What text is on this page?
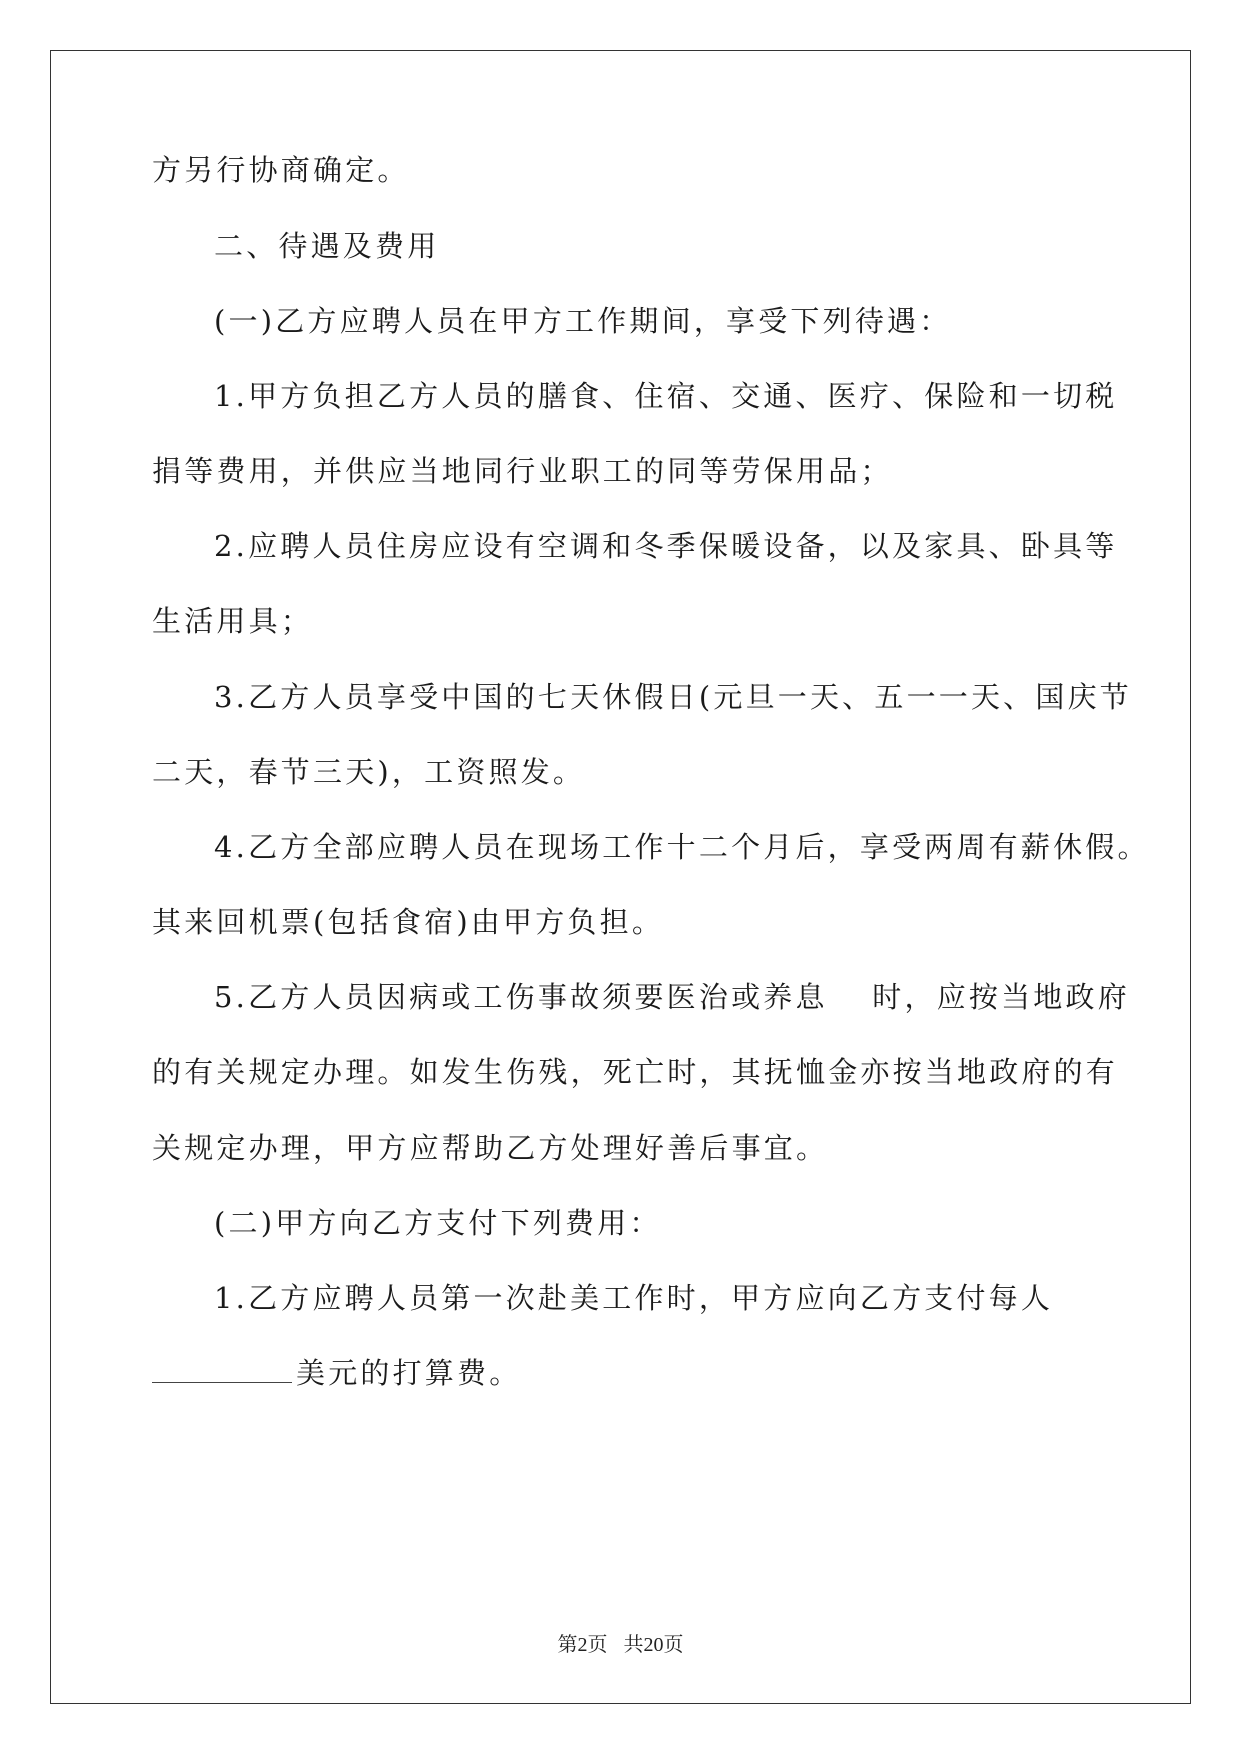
方另行协商确定。
二、待遇及费用
(一)乙方应聘人员在甲方工作期间，享受下列待遇：
1.甲方负担乙方人员的膳食、住宿、交通、医疗、保险和一切税
捐等费用，并供应当地同行业职工的同等劳保用品；
2.应聘人员住房应设有空调和冬季保暖设备，以及家具、卧具等
生活用具；
3.乙方人员享受中国的七天休假日(元旦一天、五一一天、国庆节
二天，春节三天)，工资照发。
4.乙方全部应聘人员在现场工作十二个月后，享受两周有薪休假。
其来回机票(包括食宿)由甲方负担。
5.乙方人员因病或工伤事故须要医治或养息　 时，应按当地政府
的有关规定办理。如发生伤残，死亡时，其抚恤金亦按当地政府的有
关规定办理，甲方应帮助乙方处理好善后事宜。
(二)甲方向乙方支付下列费用：
1.乙方应聘人员第一次赴美工作时，甲方应向乙方支付每人
美元的打算费。
第2页 共20页
